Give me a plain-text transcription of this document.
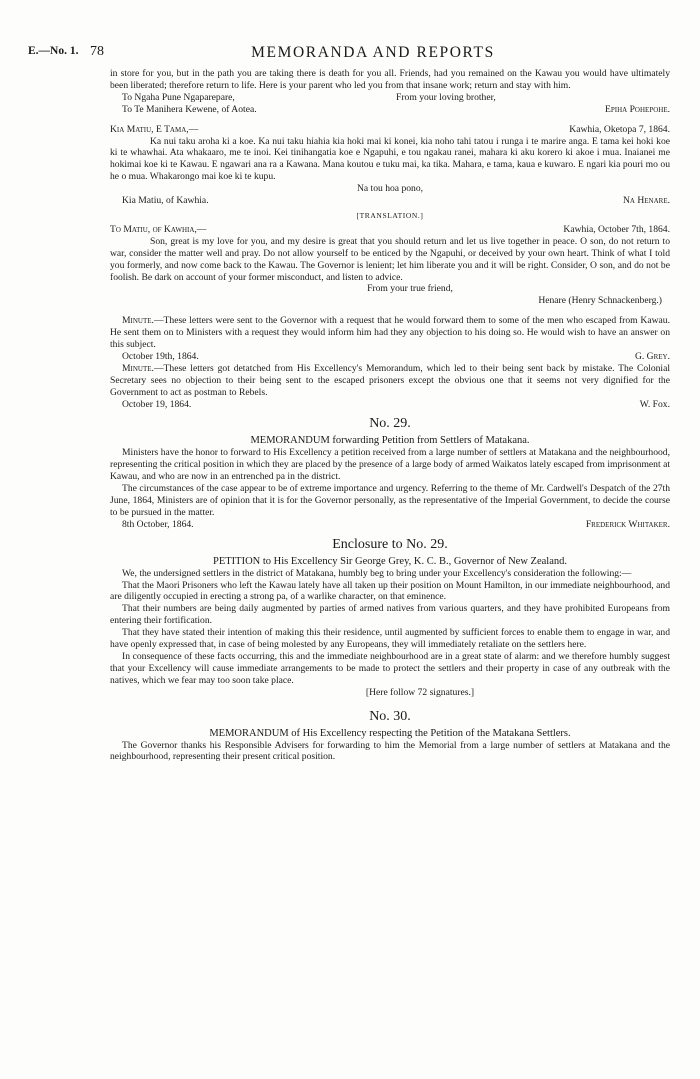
E.—No. 1. 78	MEMORANDA AND REPORTS

in store for you, but in the path you are taking there is death for you all. Friends, had you remained on the Kawau you would have ultimately been liberated; therefore return to life. Here is your parent who led you from that insane work; return and stay with him.

To Ngaha Pune Ngaparepare,	From your loving brother,
To Te Manihera Kewene, of Aotea.	Epiha Pohepohe.
Kia Matiu, E Tama,—	Kawhia, Oketopa 7, 1864.

Ka nui taku aroha ki a koe. Ka nui taku hiahia kia hoki mai ki konei, kia noho tahi tatou i runga i te marire anga. E tama kei hoki koe ki te whawhai. Ata whakaaro, me te inoi. Kei tinihangatia koe e Ngapuhi, e tou ngakau ranei, mahara ki aku korero ki akoe i mua. Inaianei me hokimai koe ki te Kawau. E ngawari ana ra a Kawana. Mana koutou e tuku mai, ka tika. Mahara, e tama, kaua e kuwaro. E ngari kia pouri mo ou he o mua. Whakarongo mai koe ki te kupu.

Na tou hoa pono,
Kia Matiu, of Kawhia.	Na Henare.
[TRANSLATION.]
To Matiu, of Kawhia,—	Kawhia, October 7th, 1864.

Son, great is my love for you, and my desire is great that you should return and let us live together in peace. O son, do not return to war, consider the matter well and pray. Do not allow yourself to be enticed by the Ngapuhi, or deceived by your own heart. Think of what I told you formerly, and now come back to the Kawau. The Governor is lenient; let him liberate you and it will be right. Consider, O son, and do not be foolish. Be dark on account of your former misconduct, and listen to advice.

From your true friend,
Henare (Henry Schnackenberg.)

Minute.—These letters were sent to the Governor with a request that he would forward them to some of the men who escaped from Kawau. He sent them on to Ministers with a request they would inform him had they any objection to his doing so. He would wish to have an answer on this subject.

October 19th, 1864.	G. Grey.

Minute.—These letters got detatched from His Excellency's Memorandum, which led to their being sent back by mistake. The Colonial Secretary sees no objection to their being sent to the escaped prisoners except the obvious one that it seems not very dignified for the Government to act as postman to Rebels.

October 19, 1864.	W. Fox.
No. 29.
MEMORANDUM forwarding Petition from Settlers of Matakana.

Ministers have the honor to forward to His Excellency a petition received from a large number of settlers at Matakana and the neighbourhood, representing the critical position in which they are placed by the presence of a large body of armed Waikatos lately escaped from imprisonment at Kawau, and who are now in an entrenched pa in the district.

The circumstances of the case appear to be of extreme importance and urgency. Referring to the theme of Mr. Cardwell's Despatch of the 27th June, 1864, Ministers are of opinion that it is for the Governor personally, as the representative of the Imperial Government, to decide the course to be pursued in the matter.

8th October, 1864.	Frederick Whitaker.
Enclosure to No. 29.
PETITION to His Excellency Sir George Grey, K. C. B., Governor of New Zealand.

We, the undersigned settlers in the district of Matakana, humbly beg to bring under your Excellency's consideration the following:—

That the Maori Prisoners who left the Kawau lately have all taken up their position on Mount Hamilton, in our immediate neighbourhood, and are diligently occupied in erecting a strong pa, of a warlike character, on that eminence.

That their numbers are being daily augmented by parties of armed natives from various quarters, and they have prohibited Europeans from entering their fortification.

That they have stated their intention of making this their residence, until augmented by sufficient forces to enable them to engage in war, and have openly expressed that, in case of being molested by any Europeans, they will immediately retaliate on the settlers here.

In consequence of these facts occurring, this and the immediate neighbourhood are in a great state of alarm: and we therefore humbly suggest that your Excellency will cause immediate arrangements to be made to protect the settlers and their property in case of any outbreak with the natives, which we fear may too soon take place.

[Here follow 72 signatures.]
No. 30.
MEMORANDUM of His Excellency respecting the Petition of the Matakana Settlers.

The Governor thanks his Responsible Advisers for forwarding to him the Memorial from a large number of settlers at Matakana and the neighbourhood, representing their present critical position.
